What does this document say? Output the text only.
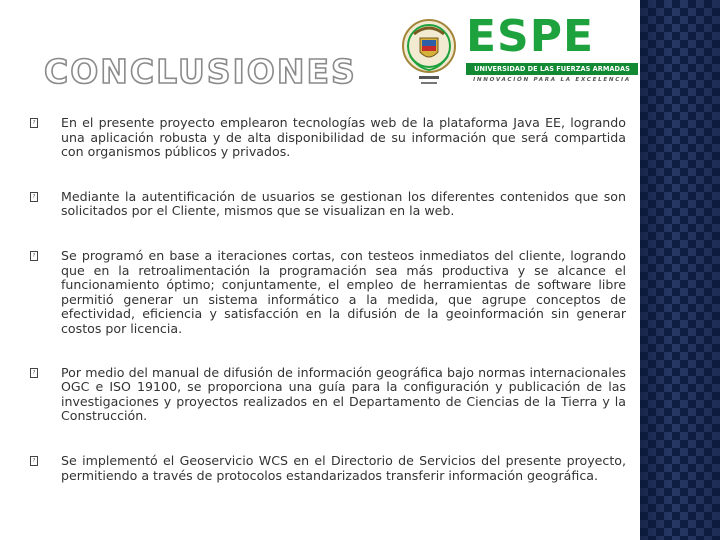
CONCLUSIONES
ESPE
UNIVERSIDAD DE LAS FUERZAS ARMADAS
INNOVACIÓN PARA LA EXCELENCIA
? En el presente proyecto emplearon tecnologías web de la plataforma Java EE, logrando una aplicación robusta y de alta disponibilidad de su información que será compartida con organismos públicos y privados.

? Mediante la autentificación de usuarios se gestionan los diferentes contenidos que son solicitados por el Cliente, mismos que se visualizan en la web.

? Se programó en base a iteraciones cortas, con testeos inmediatos del cliente, logrando que en la retroalimentación la programación sea más productiva y se alcance el funcionamiento óptimo; conjuntamente, el empleo de herramientas de software libre permitió generar un sistema informático a la medida, que agrupe conceptos de efectividad, eficiencia y satisfacción en la difusión de la geoinformación sin generar costos por licencia.

? Por medio del manual de difusión de información geográfica bajo normas internacionales OGC e ISO 19100, se proporciona una guía para la configuración y publicación de las investigaciones y proyectos realizados en el Departamento de Ciencias de la Tierra y la Construcción.

? Se implementó el Geoservicio WCS en el Directorio de Servicios del presente proyecto, permitiendo a través de protocolos estandarizados transferir información geográfica.
